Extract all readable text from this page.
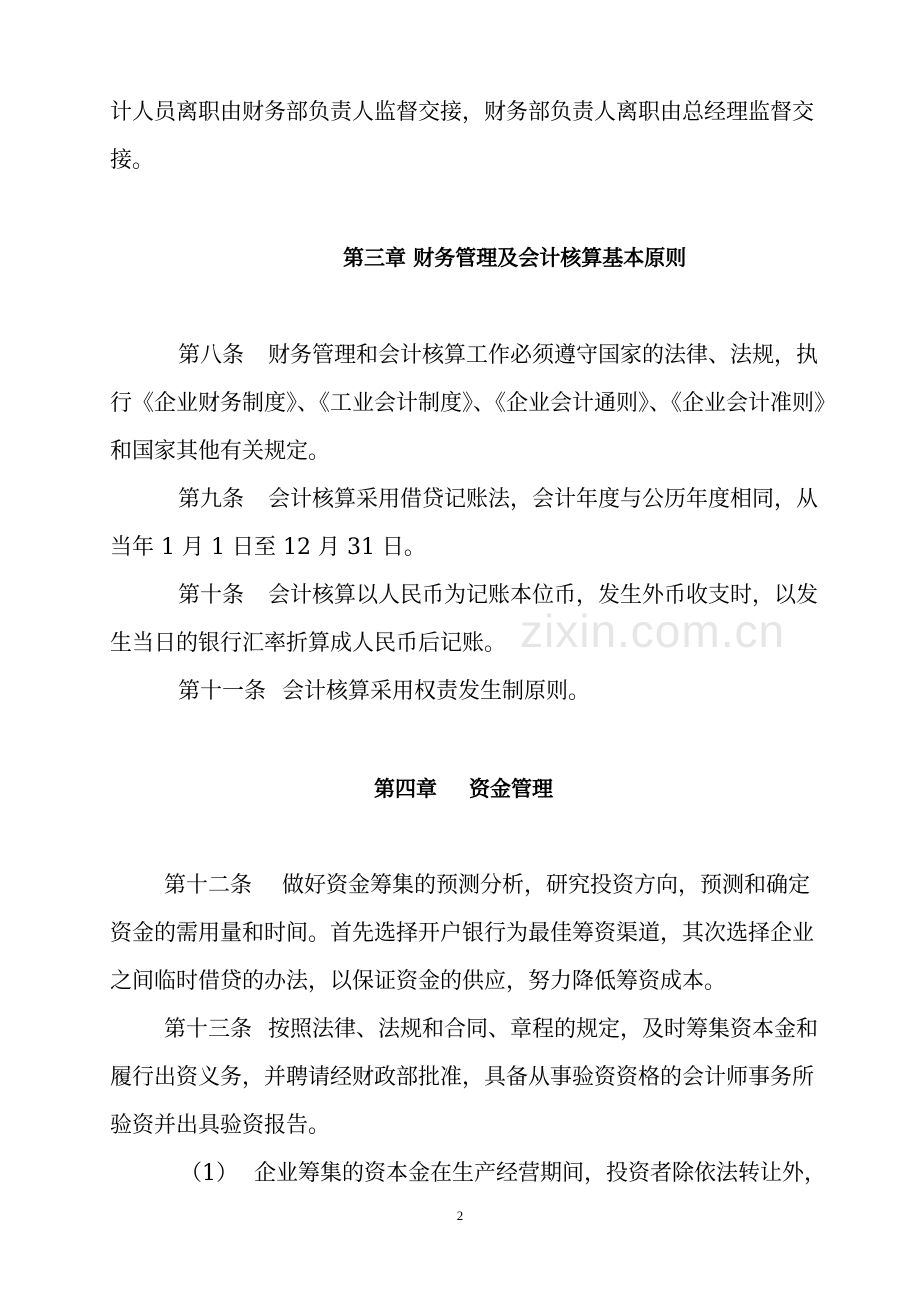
计人员离职由财务部负责人监督交接，财务部负责人离职由总经理监督交
接。
第三章 财务管理及会计核算基本原则
第八条 财务管理和会计核算工作必须遵守国家的法律、法规，执
行《企业财务制度》、《工业会计制度》、《企业会计通则》、《企业会计准则》
和国家其他有关规定。
第九条 会计核算采用借贷记账法，会计年度与公历年度相同，从
当年 1 月 1 日至 12 月 31 日。
第十条 会计核算以人民币为记账本位币，发生外币收支时，以发
生当日的银行汇率折算成人民币后记账。
第十一条 会计核算采用权责发生制原则。
第四章 资金管理
第十二条 做好资金筹集的预测分析，研究投资方向，预测和确定
资金的需用量和时间。首先选择开户银行为最佳筹资渠道，其次选择企业
之间临时借贷的办法，以保证资金的供应，努力降低筹资成本。
第十三条 按照法律、法规和合同、章程的规定，及时筹集资本金和
履行出资义务，并聘请经财政部批准，具备从事验资资格的会计师事务所
验资并出具验资报告。
（1） 企业筹集的资本金在生产经营期间，投资者除依法转让外，
zixin.com.cn
2
